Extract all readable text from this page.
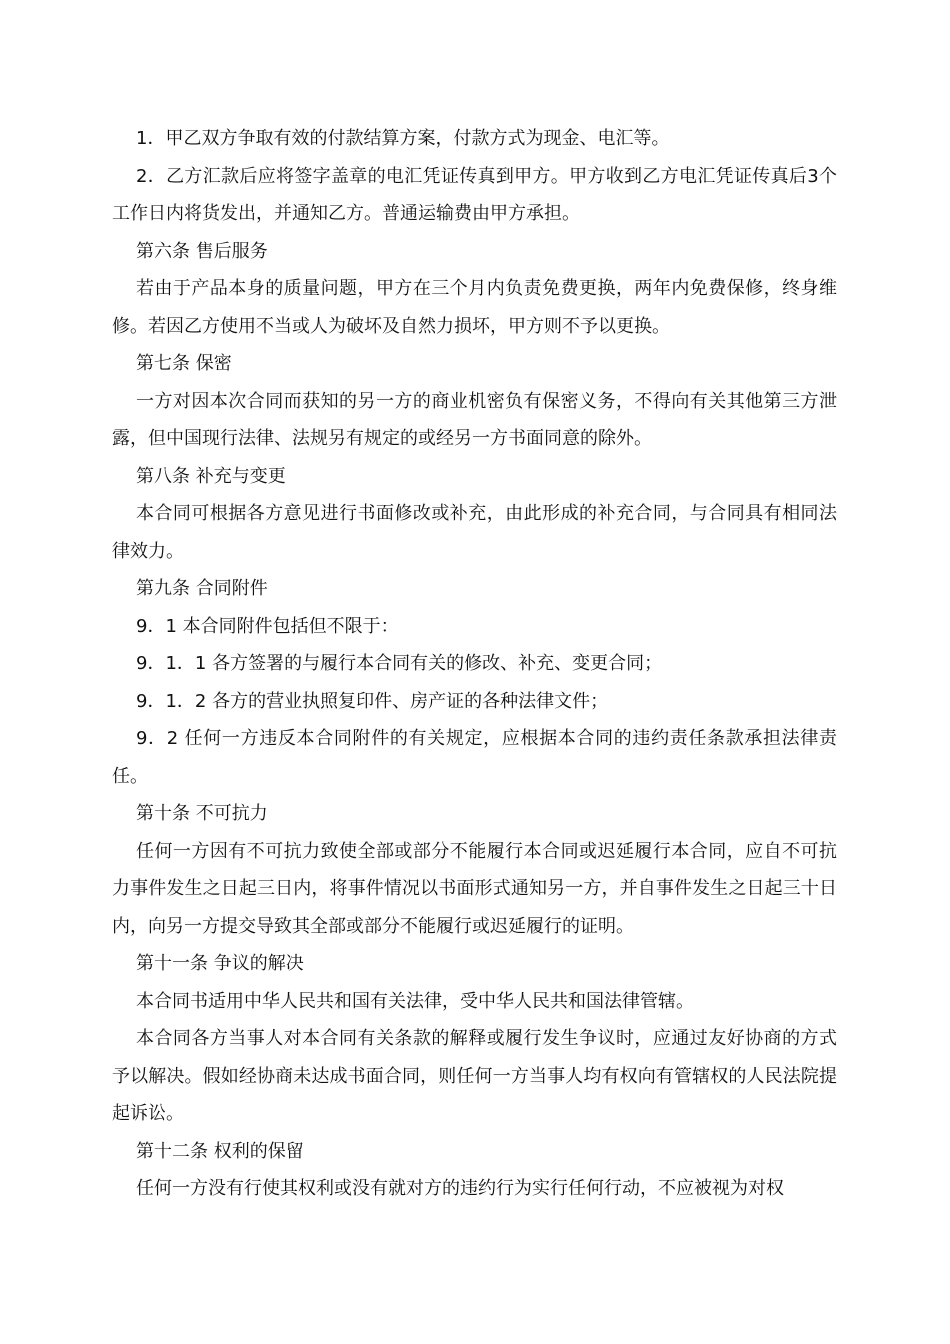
1．甲乙双方争取有效的付款结算方案，付款方式为现金、电汇等。

2．乙方汇款后应将签字盖章的电汇凭证传真到甲方。甲方收到乙方电汇凭证传真后3个工作日内将货发出，并通知乙方。普通运输费由甲方承担。

第六条 售后服务

若由于产品本身的质量问题，甲方在三个月内负责免费更换，两年内免费保修，终身维修。若因乙方使用不当或人为破坏及自然力损坏，甲方则不予以更换。

第七条 保密

一方对因本次合同而获知的另一方的商业机密负有保密义务，不得向有关其他第三方泄露，但中国现行法律、法规另有规定的或经另一方书面同意的除外。

第八条 补充与变更

本合同可根据各方意见进行书面修改或补充，由此形成的补充合同，与合同具有相同法律效力。

第九条 合同附件

9．1 本合同附件包括但不限于：

9．1．1 各方签署的与履行本合同有关的修改、补充、变更合同；

9．1．2 各方的营业执照复印件、房产证的各种法律文件；

9．2 任何一方违反本合同附件的有关规定，应根据本合同的违约责任条款承担法律责任。

第十条 不可抗力

任何一方因有不可抗力致使全部或部分不能履行本合同或迟延履行本合同，应自不可抗力事件发生之日起三日内，将事件情况以书面形式通知另一方，并自事件发生之日起三十日内，向另一方提交导致其全部或部分不能履行或迟延履行的证明。

第十一条 争议的解决

本合同书适用中华人民共和国有关法律，受中华人民共和国法律管辖。

本合同各方当事人对本合同有关条款的解释或履行发生争议时，应通过友好协商的方式予以解决。假如经协商未达成书面合同，则任何一方当事人均有权向有管辖权的人民法院提起诉讼。

第十二条 权利的保留

任何一方没有行使其权利或没有就对方的违约行为实行任何行动，不应被视为对权
